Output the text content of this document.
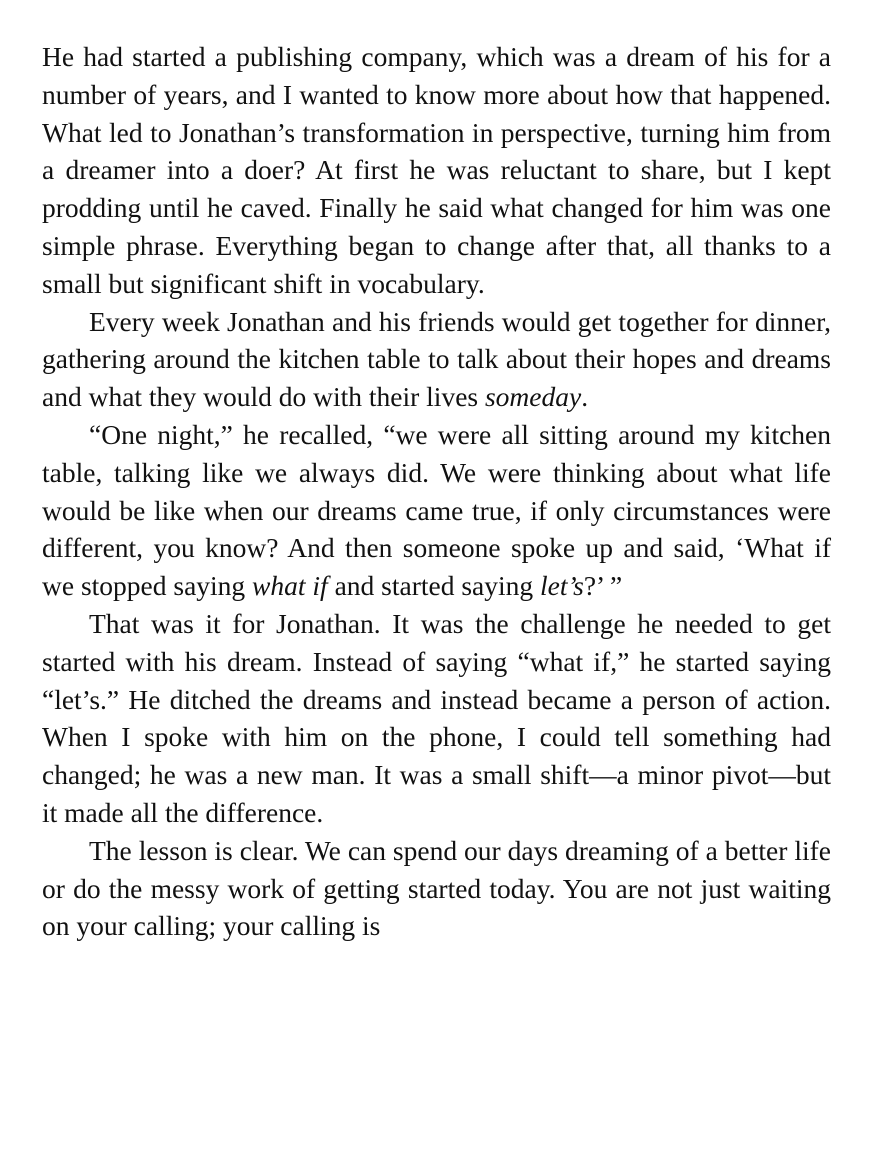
He had started a publishing company, which was a dream of his for a number of years, and I wanted to know more about how that happened. What led to Jonathan’s transformation in perspective, turning him from a dreamer into a doer? At first he was reluctant to share, but I kept prodding until he caved. Finally he said what changed for him was one simple phrase. Everything began to change after that, all thanks to a small but significant shift in vocabulary.

Every week Jonathan and his friends would get together for dinner, gathering around the kitchen table to talk about their hopes and dreams and what they would do with their lives someday.

“One night,” he recalled, “we were all sitting around my kitchen table, talking like we always did. We were thinking about what life would be like when our dreams came true, if only circumstances were different, you know? And then someone spoke up and said, ‘What if we stopped saying what if and started saying let’s?’ ”

That was it for Jonathan. It was the challenge he needed to get started with his dream. Instead of saying “what if,” he started saying “let’s.” He ditched the dreams and instead became a person of action. When I spoke with him on the phone, I could tell something had changed; he was a new man. It was a small shift—a minor pivot—but it made all the difference.

The lesson is clear. We can spend our days dreaming of a better life or do the messy work of getting started today. You are not just waiting on your calling; your calling is
